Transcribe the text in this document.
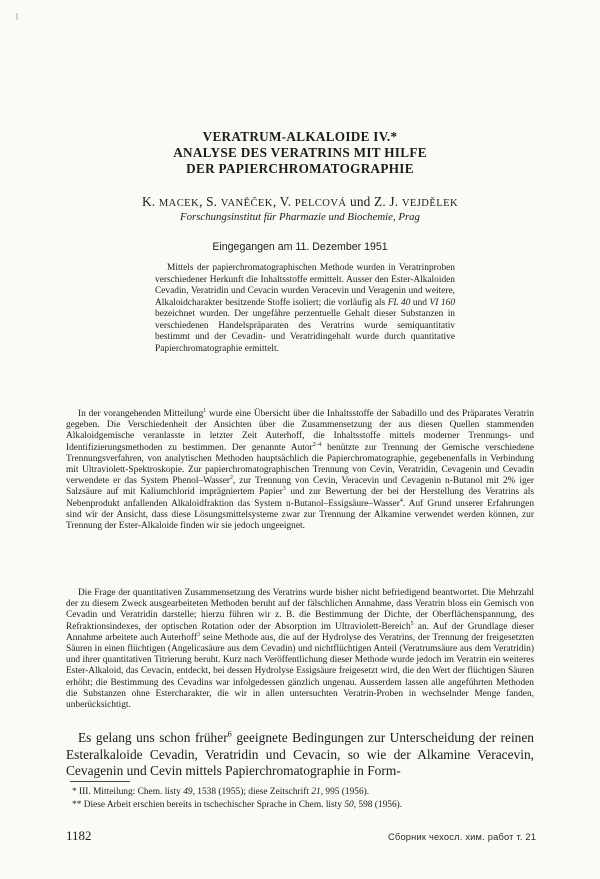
ǀ
VERATRUM-ALKALOIDE IV.*
ANALYSE DES VERATRINS MIT HILFE
DER PAPIERCHROMATOGRAPHIE
K. MACEK, S. VANĚČEK, V. PELCOVÁ und Z. J. VEJDĚLEK
Forschungsinstitut für Pharmazie und Biochemie, Prag
Eingegangen am 11. Dezember 1951

Mittels der papierchromatographischen Methode wurden in Veratrinproben verschiedener Herkunft die Inhaltsstoffe ermittelt. Ausser den Ester-Alkaloiden Cevadin, Veratridin und Cevacin wurden Veracevin und Veragenin und weitere, Alkaloidcharakter besitzende Stoffe isoliert; die vorläufig als FL 40 und VI 160 bezeichnet wurden. Der ungefähre perzentuelle Gehalt dieser Substanzen in verschiedenen Handelspräparaten des Veratrins wurde semiquantitativ bestimmt und der Cevadin- und Veratridingehalt wurde durch quantitative Papierchromatographie ermittelt.

In der vorangehenden Mitteilung$^1$ wurde eine Übersicht über die Inhaltsstoffe der Sabadillo und des Präparates Veratrin gegeben. Die Verschiedenheit der Ansichten über die Zusammensetzung der aus diesen Quellen stammenden Alkaloidgemische veranlasste in letzter Zeit Auterhoff, die Inhaltsstoffe mittels moderner Trennungs- und Identifizierungsmethoden zu bestimmen. Der genannte Autor$^{2-4}$ benützte zur Trennung der Gemische verschiedene Trennungsverfahren, von analytischen Methoden hauptsächlich die Papierchromatographie, gegebenenfalls in Verbindung mit Ultraviolett-Spektroskopie. Zur papierchromatographischen Trennung von Cevin, Veratridin, Cevagenin und Cevadin verwendete er das System Phenol–Wasser$^2$, zur Trennung von Cevin, Veracevin und Cevagenin n-Butanol mit 2% iger Salzsäure auf mit Kaliumchlorid imprägniertem Papier$^3$ und zur Bewertung der bei der Herstellung des Veratrins als Nebenprodukt anfallenden Alkaloidfraktion das System n-Butanol–Essigsäure–Wasser$^4$. Auf Grund unserer Erfahrungen sind wir der Ansicht, dass diese Lösungsmittelsysteme zwar zur Trennung der Alkamine verwendet werden können, zur Trennung der Ester-Alkaloide finden wir sie jedoch ungeeignet.

Die Frage der quantitativen Zusammensetzung des Veratrins wurde bisher nicht befriedigend beantwortet. Die Mehrzahl der zu diesem Zweck ausgearbeiteten Methoden beruht auf der fälschlichen Annahme, dass Veratrin bloss ein Gemisch von Cevadin und Veratridin darstelle; hierzu führen wir z. B. die Bestimmung der Dichte, der Oberflächenspannung, des Refraktionsindexes, der optischen Rotation oder der Absorption im Ultraviolett-Bereich$^5$ an. Auf der Grundlage dieser Annahme arbeitete auch Auterhoff$^3$ seine Methode aus, die auf der Hydrolyse des Veratrins, der Trennung der freigesetzten Säuren in einen flüchtigen (Angelicasäure aus dem Cevadin) und nichtflüchtigen Anteil (Veratrumsäure aus dem Veratridin) und ihrer quantitativen Titrierung beruht. Kurz nach Veröffentlichung dieser Methode wurde jedoch im Veratrin ein weiteres Ester-Alkaloid, das Cevacin, entdeckt, bei dessen Hydrolyse Essigsäure freigesetzt wird, die den Wert der flüchtigen Säuren erhöht; die Bestimmung des Cevadins war infolgedessen gänzlich ungenau. Ausserdem lassen alle angeführten Methoden die Substanzen ohne Estercharakter, die wir in allen untersuchten Veratrin-Proben in wechselnder Menge fanden, unberücksichtigt.

Es gelang uns schon früher$^6$ geeignete Bedingungen zur Unterscheidung der reinen Esteralkaloide Cevadin, Veratridin und Cevacin, so wie der Alkamine Veracevin, Cevagenin und Cevin mittels Papierchromatographie in Form-

* III. Mitteilung: Chem. listy 49, 1538 (1955); diese Zeitschrift 21, 995 (1956).

** Diese Arbeit erschien bereits in tschechischer Sprache in Chem. listy 50, 598 (1956).

1182	Сборник чехосл. хим. работ т. 21
